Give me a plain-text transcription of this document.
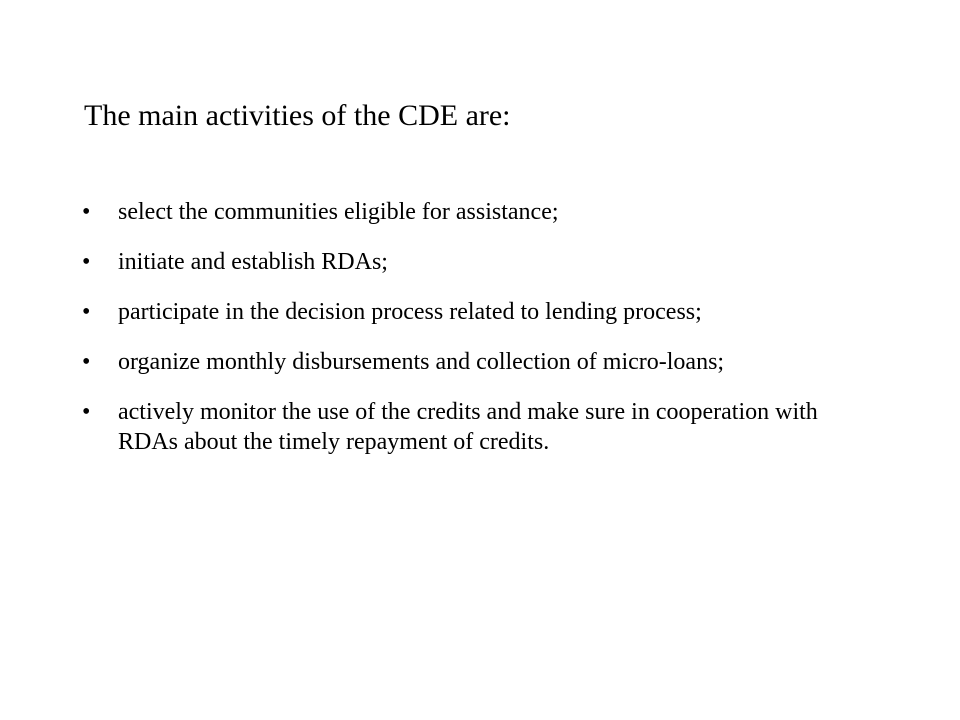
The main activities of the CDE are:
• select the communities eligible for assistance;
• initiate and establish RDAs;
• participate in the decision process related to lending process;
• organize monthly disbursements and collection of micro-loans;
• actively monitor the use of the credits and make sure in cooperation with RDAs about the timely repayment of credits.
